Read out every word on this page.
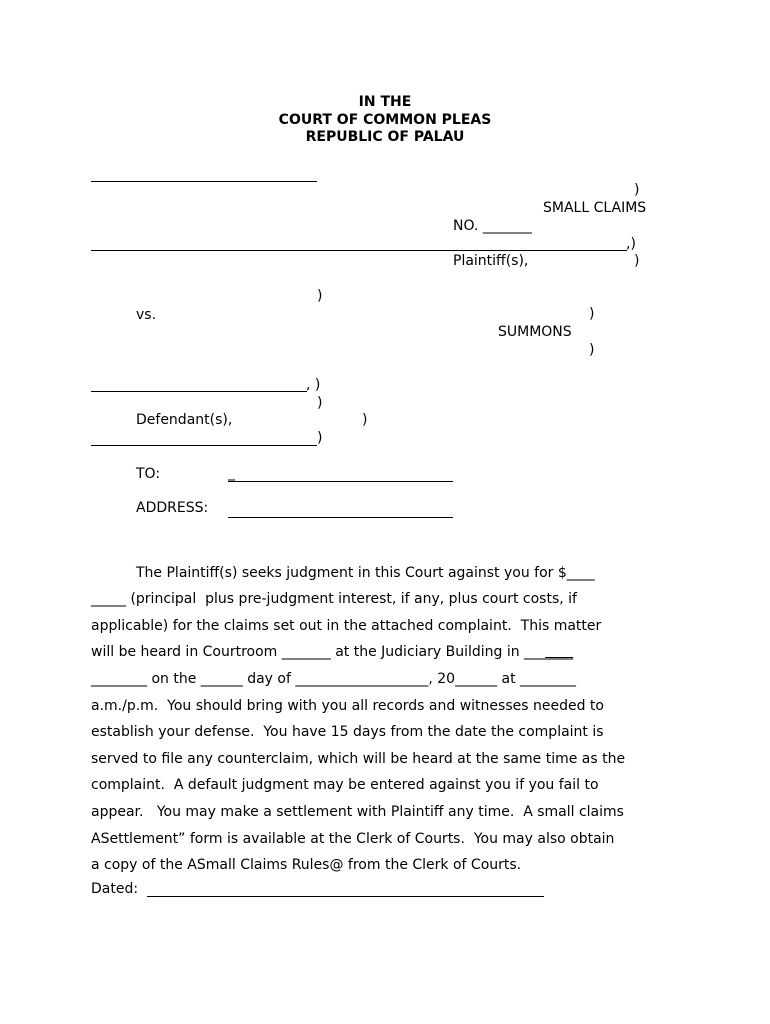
IN THE
COURT OF COMMON PLEAS
REPUBLIC OF PALAU
)
SMALL CLAIMS
NO. _______
,)
Plaintiff(s),	)
)
vs.	)
SUMMONS
)
, )
)
Defendant(s),	)
)
TO:	_
ADDRESS:

The Plaintiff(s) seeks judgment in this Court against you for $____
_____ (principal  plus pre-judgment interest, if any, plus court costs, if
applicable) for the claims set out in the attached complaint.  This matter
will be heard in Courtroom _______ at the Judiciary Building in _______
________ on the ______ day of ___________________, 20______ at ________
a.m./p.m.  You should bring with you all records and witnesses needed to
establish your defense.  You have 15 days from the date the complaint is
served to file any counterclaim, which will be heard at the same time as the
complaint.  A default judgment may be entered against you if you fail to
appear.   You may make a settlement with Plaintiff any time.  A small claims
ASettlement” form is available at the Clerk of Courts.  You may also obtain
a copy of the ASmall Claims Rules@ from the Clerk of Courts.

Dated:
